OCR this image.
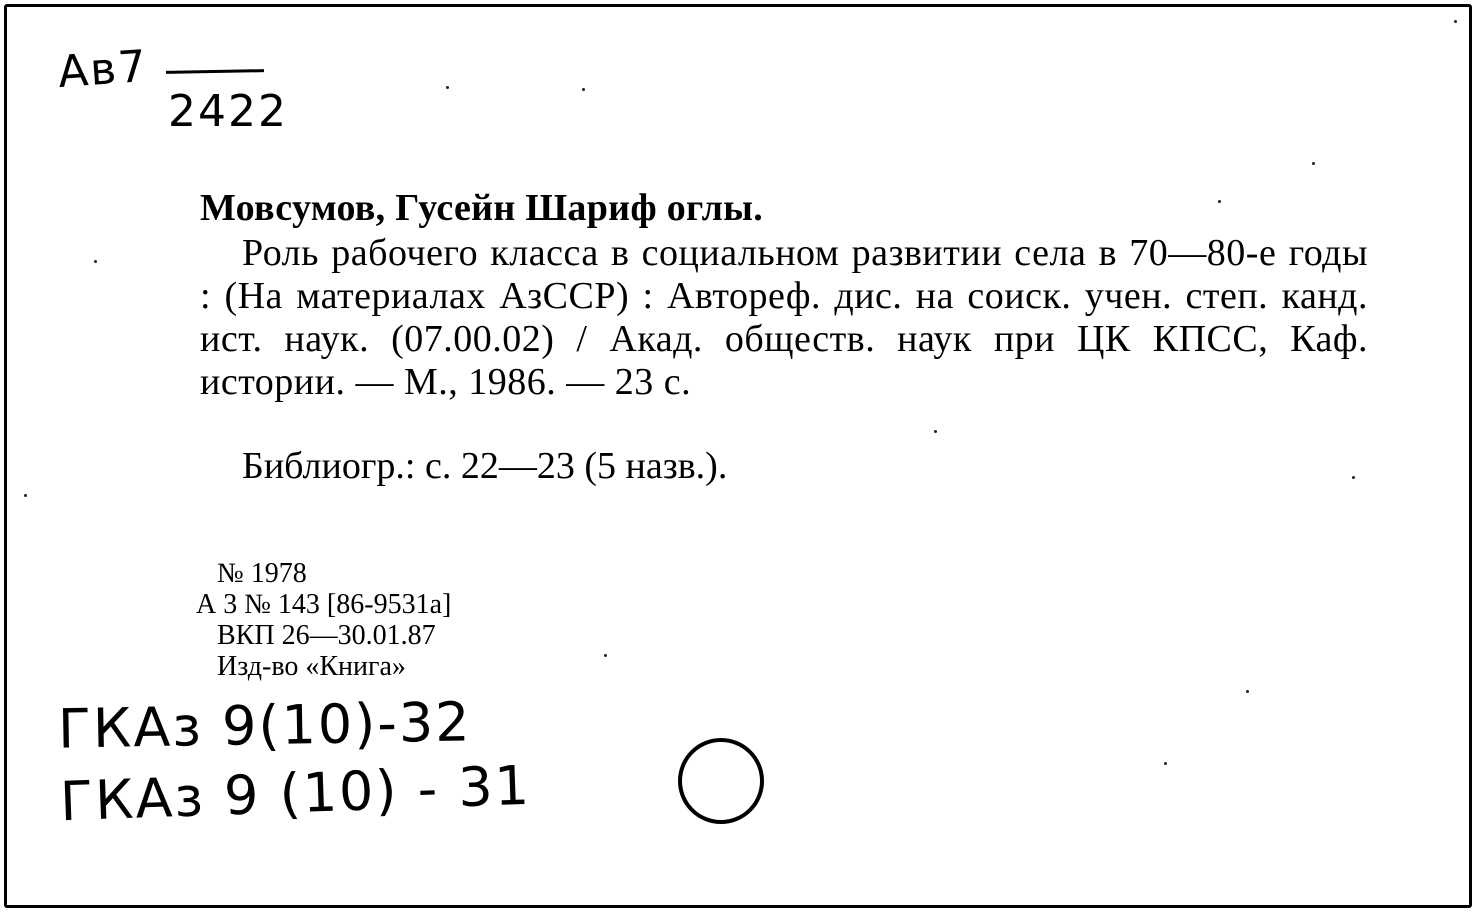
Ав7
2422
Мовсумов, Гусейн Шариф оглы.

Роль рабочего класса в социальном развитии села в 70—80-е годы : (На материалах АзССР) : Автореф. дис. на соиск. учен. степ. канд. ист. наук. (07.00.02) / Акад. обществ. наук при ЦК КПСС, Каф. истории. — М., 1986. — 23 с.

Библиогр.: с. 22—23 (5 назв.).
№ 1978
А 3 № 143 [86-9531а]
ВКП 26—30.01.87
Изд-во «Книга»
ГКАз 9(10)-32
ГКАз 9 (10) - 31
